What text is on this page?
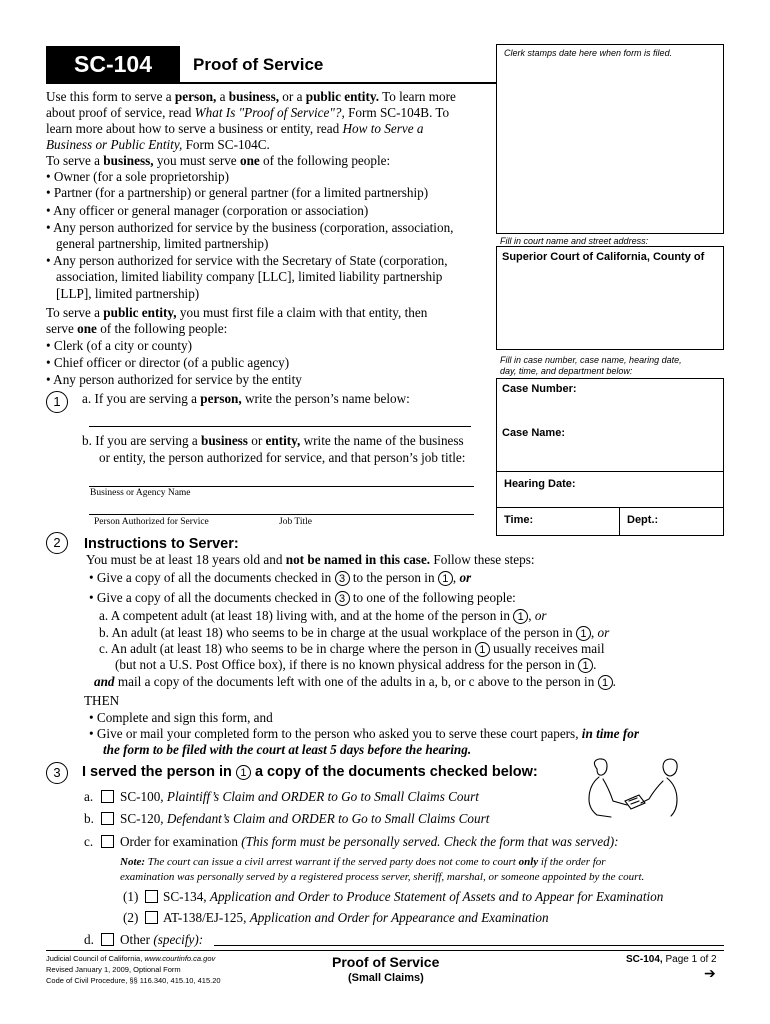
SC-104	Proof of Service
Use this form to serve a person, a business, or a public entity. To learn more
about proof of service, read What Is "Proof of Service"?, Form SC-104B. To
learn more about how to serve a business or entity, read How to Serve a
Business or Public Entity, Form SC-104C.
To serve a business, you must serve one of the following people:
• Owner (for a sole proprietorship)
• Partner (for a partnership) or general partner (for a limited partnership)
• Any officer or general manager (corporation or association)
• Any person authorized for service by the business (corporation, association,
general partnership, limited partnership)
• Any person authorized for service with the Secretary of State (corporation,
association, limited liability company [LLC], limited liability partnership
[LLP], limited partnership)
To serve a public entity, you must first file a claim with that entity, then
serve one of the following people:
• Clerk (of a city or county)
• Chief officer or director (of a public agency)
• Any person authorized for service by the entity
1	a. If you are serving a person, write the person’s name below:
b. If you are serving a business or entity, write the name of the business
or entity, the person authorized for service, and that person’s job title:
Business or Agency Name
Person Authorized for Service	Job Title
2	Instructions to Server:
You must be at least 18 years old and not be named in this case. Follow these steps:
• Give a copy of all the documents checked in 3 to the person in 1 , or
• Give a copy of all the documents checked in 3 to one of the following people:
a. A competent adult (at least 18) living with, and at the home of the person in 1 , or
b. An adult (at least 18) who seems to be in charge at the usual workplace of the person in 1 , or
c. An adult (at least 18) who seems to be in charge where the person in 1 usually receives mail
(but not a U.S. Post Office box), if there is no known physical address for the person in 1 .
and mail a copy of the documents left with one of the adults in a, b, or c above to the person in 1 .
THEN
• Complete and sign this form, and
• Give or mail your completed form to the person who asked you to serve these court papers, in time for
the form to be filed with the court at least 5 days before the hearing.
3	I served the person in 1 a copy of the documents checked below:
a. SC-100, Plaintiff’s Claim and ORDER to Go to Small Claims Court
b. SC-120, Defendant’s Claim and ORDER to Go to Small Claims Court
c. Order for examination (This form must be personally served. Check the form that was served):
Note: The court can issue a civil arrest warrant if the served party does not come to court only if the order for
examination was personally served by a registered process server, sheriff, marshal, or someone appointed by the court.
(1) SC-134, Application and Order to Produce Statement of Assets and to Appear for Examination
(2) AT-138/EJ-125, Application and Order for Appearance and Examination
d. Other (specify):
Clerk stamps date here when form is filed.
Fill in court name and street address:
Superior Court of California, County of
Fill in case number, case name, hearing date,
day, time, and department below:
Case Number:
Case Name:
Hearing Date:
Time:	Dept.:
Judicial Council of California, www.courtinfo.ca.gov
Revised January 1, 2009, Optional Form
Code of Civil Procedure, §§ 116.340, 415.10, 415.20
Proof of Service
(Small Claims)
SC-104, Page 1 of 2
➔
